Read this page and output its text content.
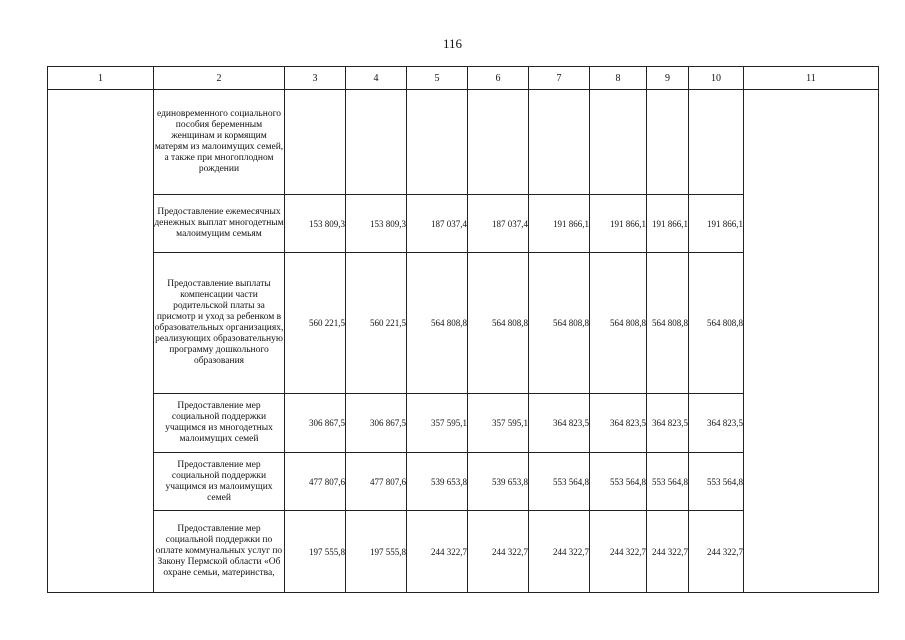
116
1	2	3	4	5	6	7	8	9	10	11
	единовременного социального пособия беременным женщинам и кормящим матерям из малоимущих семей, а также при многоплодном рождении									
	Предоставление ежемесячных денежных выплат многодетным малоимущим семьям	153 809,3	153 809,3	187 037,4	187 037,4	191 866,1	191 866,1	191 866,1	191 866,1	
	Предоставление выплаты компенсации части родительской платы за присмотр и уход за ребенком в образовательных организациях, реализующих образовательную программу дошкольного образования	560 221,5	560 221,5	564 808,8	564 808,8	564 808,8	564 808,8	564 808,8	564 808,8	
	Предоставление мер социальной поддержки учащимся из многодетных малоимущих семей	306 867,5	306 867,5	357 595,1	357 595,1	364 823,5	364 823,5	364 823,5	364 823,5	
	Предоставление мер социальной поддержки учащимся из малоимущих семей	477 807,6	477 807,6	539 653,8	539 653,8	553 564,8	553 564,8	553 564,8	553 564,8	
	Предоставление мер социальной поддержки по оплате коммунальных услуг по Закону Пермской области «Об охране семьи, материнства,	197 555,8	197 555,8	244 322,7	244 322,7	244 322,7	244 322,7	244 322,7	244 322,7	
